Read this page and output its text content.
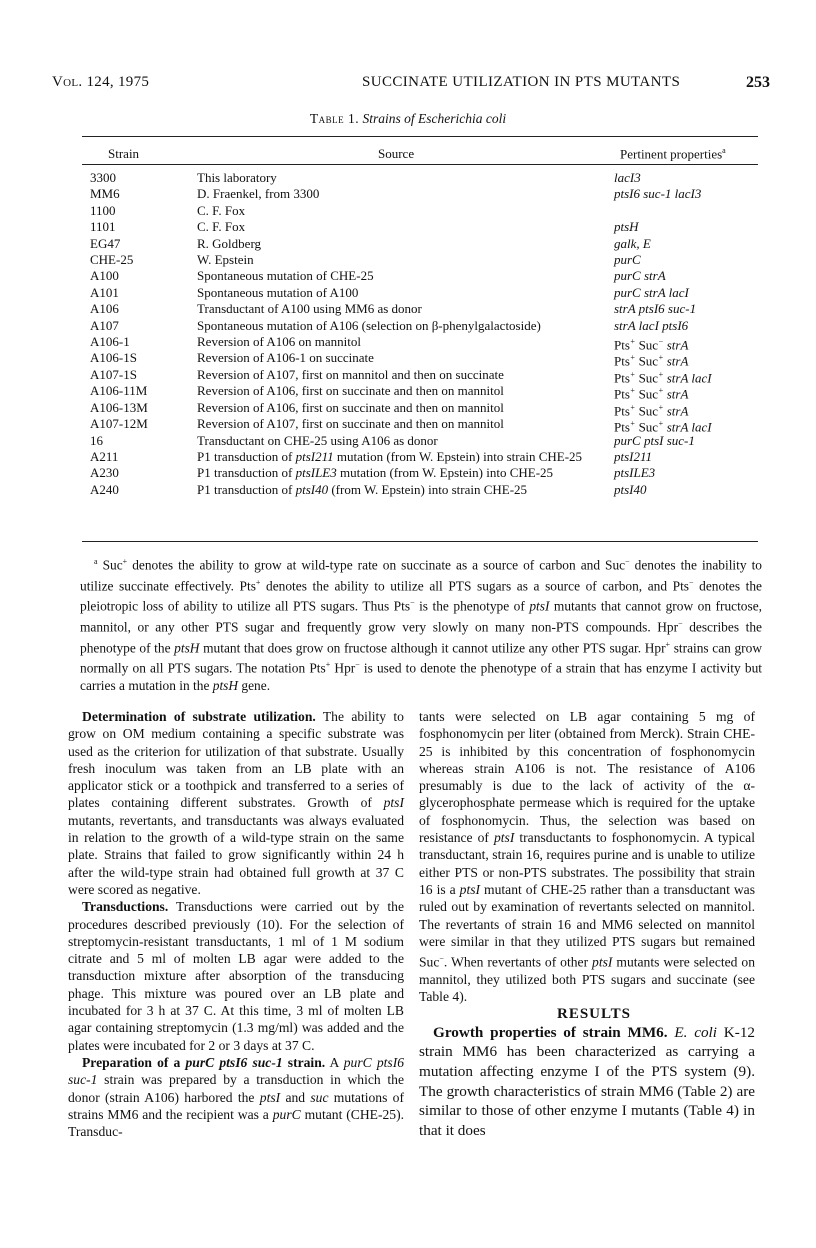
Vol. 124, 1975	SUCCINATE UTILIZATION IN PTS MUTANTS	253
Table 1. Strains of Escherichia coli
Strain	Source	Pertinent properties$^a$
3300	This laboratory	lacI3
MM6	D. Fraenkel, from 3300	ptsI6 suc-1 lacI3
1100	C. F. Fox
1101	C. F. Fox	ptsH
EG47	R. Goldberg	galk, E
CHE-25	W. Epstein	purC
A100	Spontaneous mutation of CHE-25	purC strA
A101	Spontaneous mutation of A100	purC strA lacI
A106	Transductant of A100 using MM6 as donor	strA ptsI6 suc-1
A107	Spontaneous mutation of A106 (selection on β-phenylgalactoside)	strA lacI ptsI6
A106-1	Reversion of A106 on mannitol	Pts+ Suc− strA
A106-1S	Reversion of A106-1 on succinate	Pts+ Suc+ strA
A107-1S	Reversion of A107, first on mannitol and then on succinate	Pts+ Suc+ strA lacI
A106-11M	Reversion of A106, first on succinate and then on mannitol	Pts+ Suc+ strA
A106-13M	Reversion of A106, first on succinate and then on mannitol	Pts+ Suc+ strA
A107-12M	Reversion of A107, first on succinate and then on mannitol	Pts+ Suc+ strA lacI
16	Transductant on CHE-25 using A106 as donor	purC ptsI suc-1
A211	P1 transduction of ptsI211 mutation (from W. Epstein) into strain CHE-25	ptsI211
A230	P1 transduction of ptsILE3 mutation (from W. Epstein) into CHE-25	ptsILE3
A240	P1 transduction of ptsI40 (from W. Epstein) into strain CHE-25	ptsI40

$^a$ Suc+ denotes the ability to grow at wild-type rate on succinate as a source of carbon and Suc− denotes the inability to utilize succinate effectively. Pts+ denotes the ability to utilize all PTS sugars as a source of carbon, and Pts− denotes the pleiotropic loss of ability to utilize all PTS sugars. Thus Pts− is the phenotype of ptsI mutants that cannot grow on fructose, mannitol, or any other PTS sugar and frequently grow very slowly on many non-PTS compounds. Hpr− describes the phenotype of the ptsH mutant that does grow on fructose although it cannot utilize any other PTS sugar. Hpr+ strains can grow normally on all PTS sugars. The notation Pts+ Hpr− is used to denote the phenotype of a strain that has enzyme I activity but carries a mutation in the ptsH gene.

Determination of substrate utilization. The ability to grow on OM medium containing a specific substrate was used as the criterion for utilization of that substrate. Usually fresh inoculum was taken from an LB plate with an applicator stick or a toothpick and transferred to a series of plates containing different substrates. Growth of ptsI mutants, revertants, and transductants was always evaluated in relation to the growth of a wild-type strain on the same plate. Strains that failed to grow significantly within 24 h after the wild-type strain had obtained full growth at 37 C were scored as negative.

Transductions. Transductions were carried out by the procedures described previously (10). For the selection of streptomycin-resistant transductants, 1 ml of 1 M sodium citrate and 5 ml of molten LB agar were added to the transduction mixture after absorption of the transducing phage. This mixture was poured over an LB plate and incubated for 3 h at 37 C. At this time, 3 ml of molten LB agar containing streptomycin (1.3 mg/ml) was added and the plates were incubated for 2 or 3 days at 37 C.

Preparation of a purC ptsI6 suc-1 strain. A purC ptsI6 suc-1 strain was prepared by a transduction in which the donor (strain A106) harbored the ptsI and suc mutations of strains MM6 and the recipient was a purC mutant (CHE-25). Transduc-

tants were selected on LB agar containing 5 mg of fosphonomycin per liter (obtained from Merck). Strain CHE-25 is inhibited by this concentration of fosphonomycin whereas strain A106 is not. The resistance of A106 presumably is due to the lack of activity of the α-glycerophosphate permease which is required for the uptake of fosphonomycin. Thus, the selection was based on resistance of ptsI transductants to fosphonomycin. A typical transductant, strain 16, requires purine and is unable to utilize either PTS or non-PTS substrates. The possibility that strain 16 is a ptsI mutant of CHE-25 rather than a transductant was ruled out by examination of revertants selected on mannitol. The revertants of strain 16 and MM6 selected on mannitol were similar in that they utilized PTS sugars but remained Suc−. When revertants of other ptsI mutants were selected on mannitol, they utilized both PTS sugars and succinate (see Table 4).

RESULTS

Growth properties of strain MM6. E. coli K-12 strain MM6 has been characterized as carrying a mutation affecting enzyme I of the PTS system (9). The growth characteristics of strain MM6 (Table 2) are similar to those of other enzyme I mutants (Table 4) in that it does
